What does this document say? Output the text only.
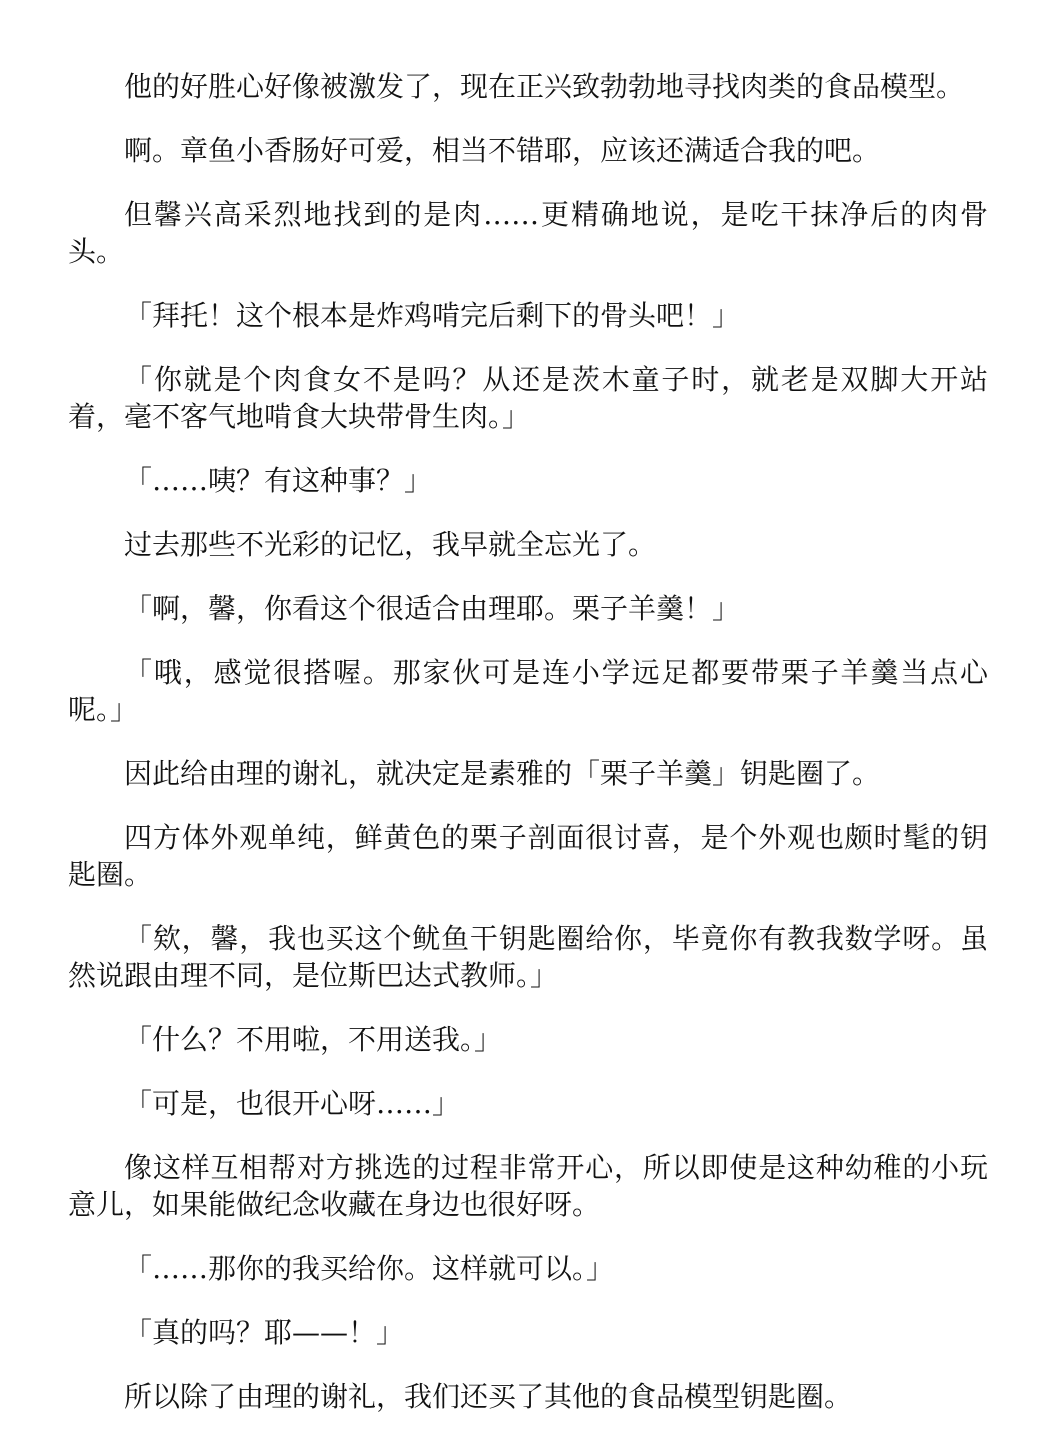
他的好胜心好像被激发了，现在正兴致勃勃地寻找肉类的食品模型。

啊。章鱼小香肠好可爱，相当不错耶，应该还满适合我的吧。

但馨兴高采烈地找到的是肉……更精确地说，是吃干抹净后的肉骨头。

「拜托！这个根本是炸鸡啃完后剩下的骨头吧！」

「你就是个肉食女不是吗？从还是茨木童子时，就老是双脚大开站着，毫不客气地啃食大块带骨生肉。」

「……咦？有这种事？」

过去那些不光彩的记忆，我早就全忘光了。

「啊，馨，你看这个很适合由理耶。栗子羊羹！」

「哦，感觉很搭喔。那家伙可是连小学远足都要带栗子羊羹当点心呢。」

因此给由理的谢礼，就决定是素雅的「栗子羊羹」钥匙圈了。

四方体外观单纯，鲜黄色的栗子剖面很讨喜，是个外观也颇时髦的钥匙圈。

「欸，馨，我也买这个鱿鱼干钥匙圈给你，毕竟你有教我数学呀。虽然说跟由理不同，是位斯巴达式教师。」

「什么？不用啦，不用送我。」

「可是，也很开心呀……」

像这样互相帮对方挑选的过程非常开心，所以即使是这种幼稚的小玩意儿，如果能做纪念收藏在身边也很好呀。

「……那你的我买给你。这样就可以。」

「真的吗？耶——！」

所以除了由理的谢礼，我们还买了其他的食品模型钥匙圈。
